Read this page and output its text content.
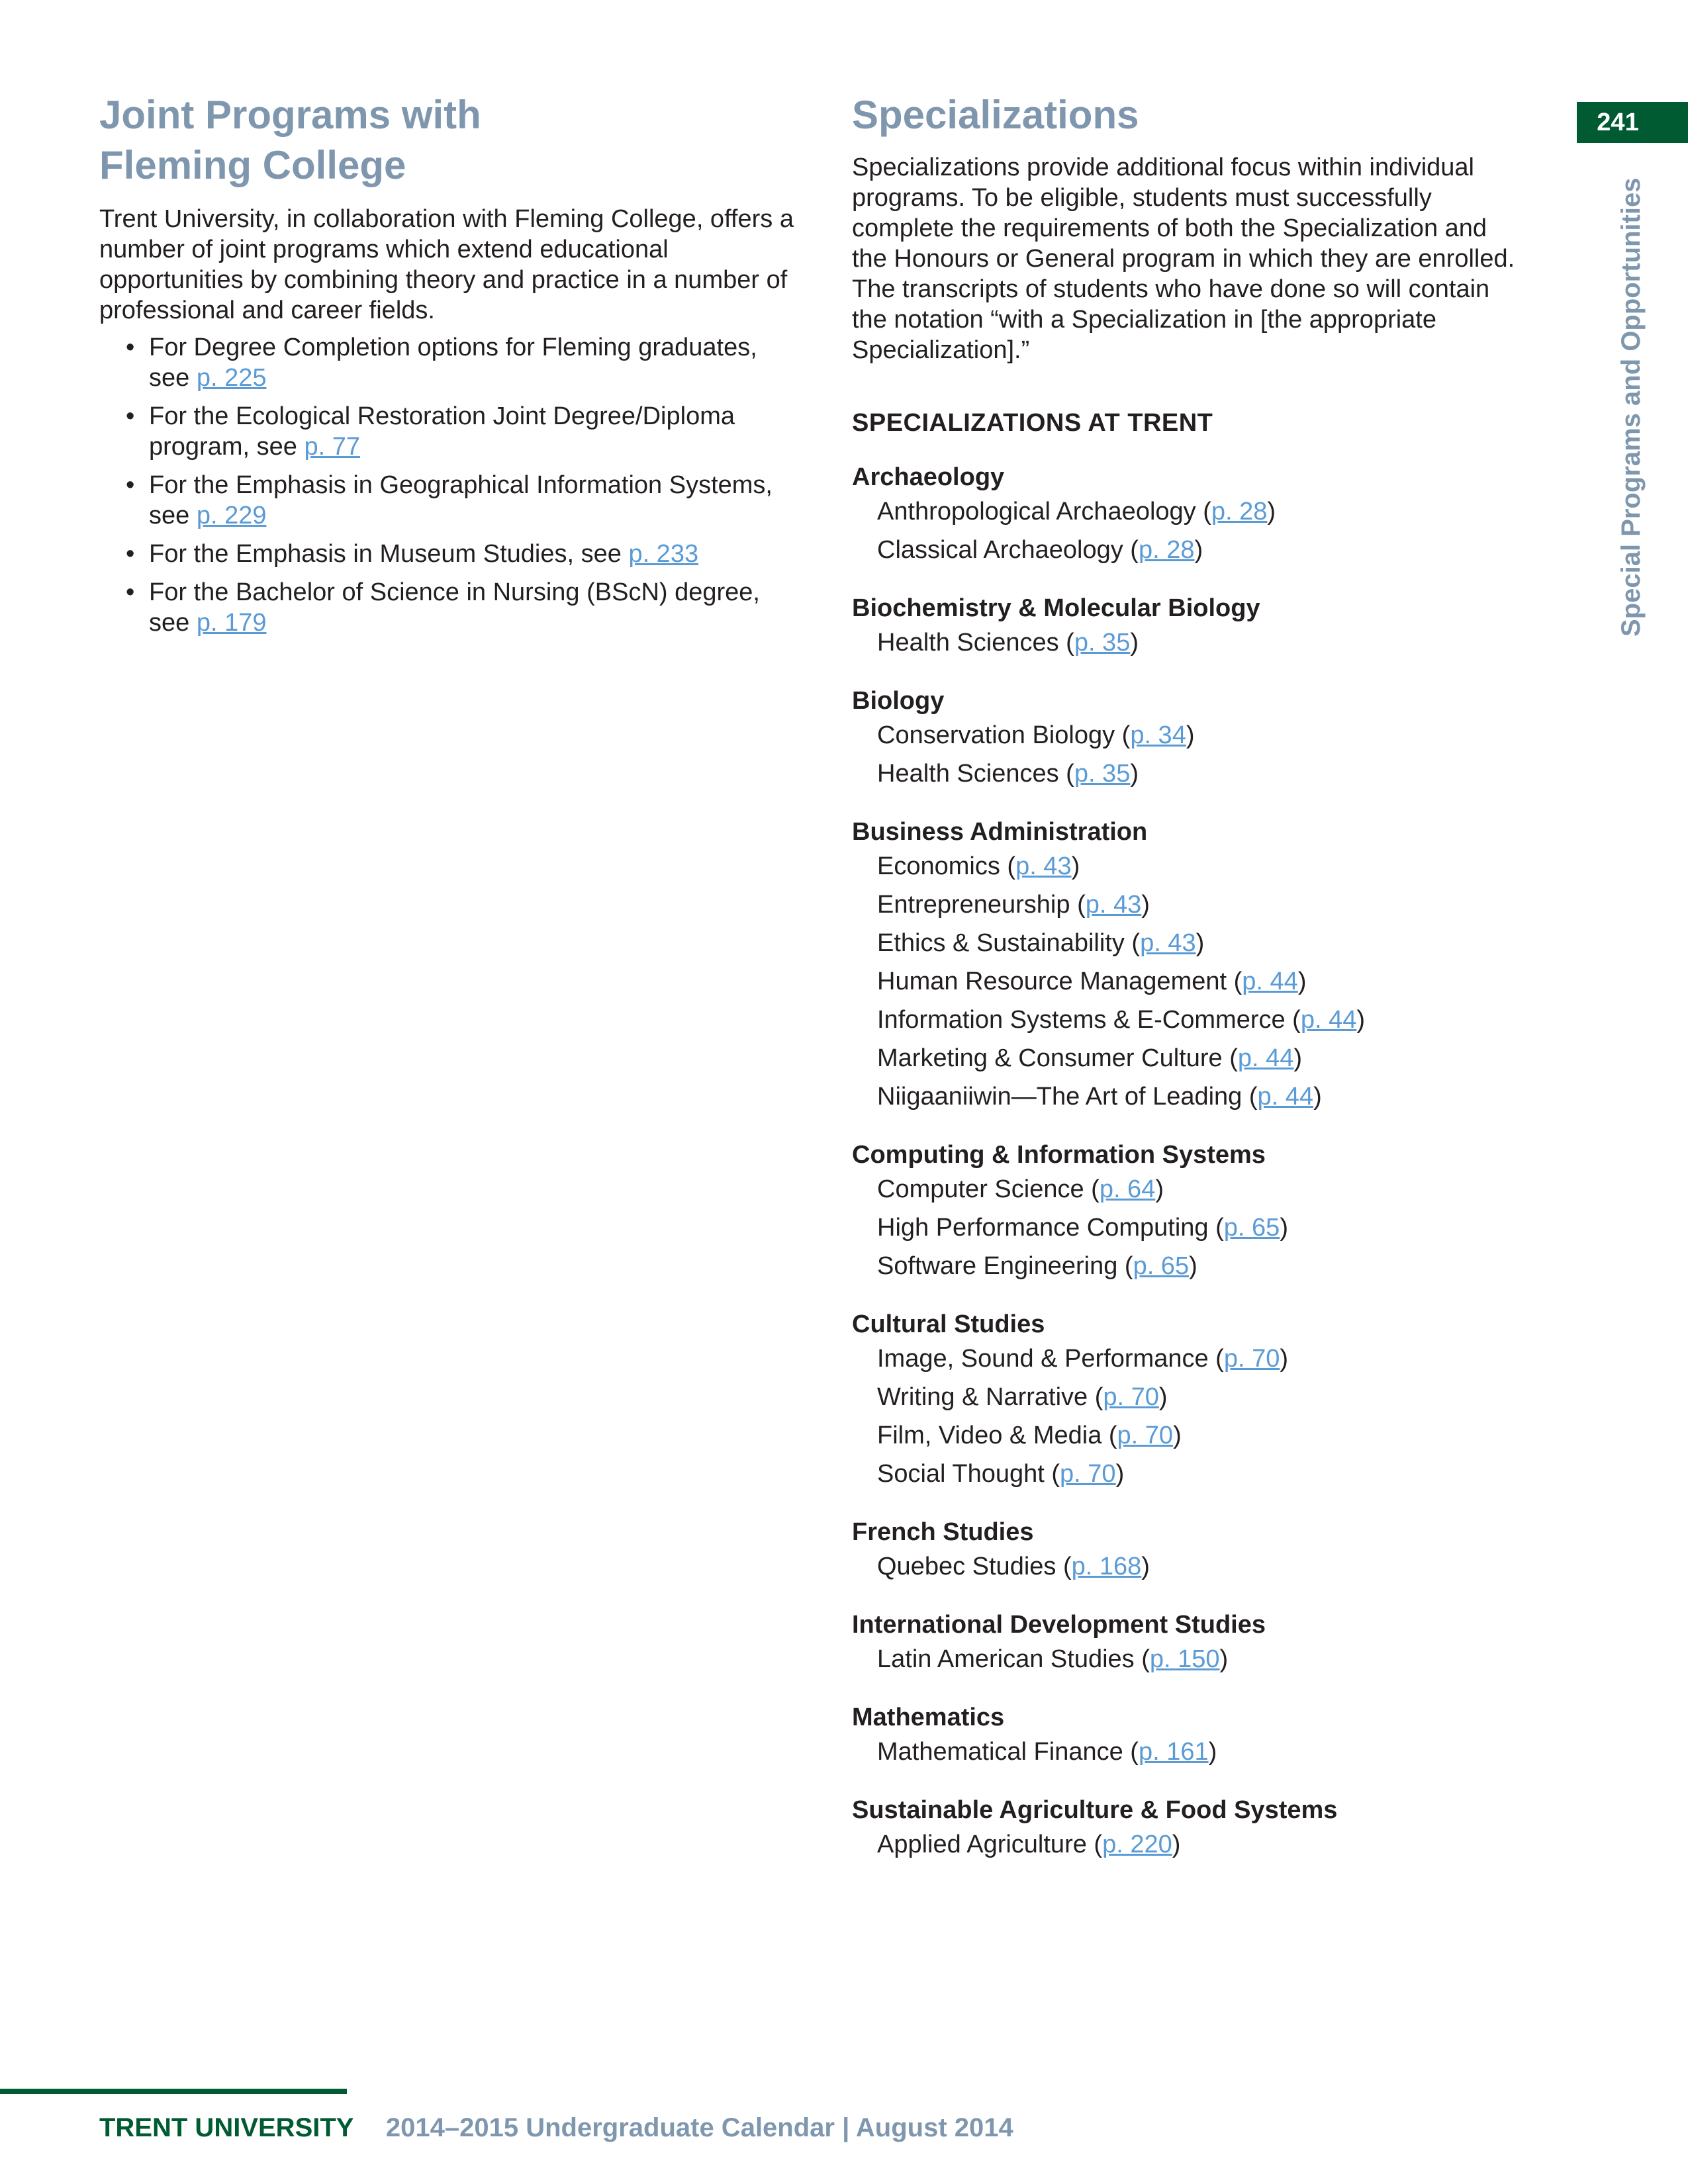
Joint Programs with
Fleming College

Trent University, in collaboration with Fleming College, offers a number of joint programs which extend educational opportunities by combining theory and practice in a number of professional and career fields.

• For Degree Completion options for Fleming graduates, see p. 225
• For the Ecological Restoration Joint Degree/Diploma program, see p. 77
• For the Emphasis in Geographical Information Systems, see p. 229
• For the Emphasis in Museum Studies, see p. 233
• For the Bachelor of Science in Nursing (BScN) degree, see p. 179
Specializations

Specializations provide additional focus within individual programs. To be eligible, students must successfully complete the requirements of both the Specialization and the Honours or General program in which they are enrolled. The transcripts of students who have done so will contain the notation “with a Specialization in [the appropriate Specialization].”

SPECIALIZATIONS AT TRENT
Archaeology
Anthropological Archaeology (p. 28)
Classical Archaeology (p. 28)
Biochemistry & Molecular Biology
Health Sciences (p. 35)
Biology
Conservation Biology (p. 34)
Health Sciences (p. 35)
Business Administration
Economics (p. 43)
Entrepreneurship (p. 43)
Ethics & Sustainability (p. 43)
Human Resource Management (p. 44)
Information Systems & E-Commerce (p. 44)
Marketing & Consumer Culture (p. 44)
Niigaaniiwin—The Art of Leading (p. 44)
Computing & Information Systems
Computer Science (p. 64)
High Performance Computing (p. 65)
Software Engineering (p. 65)
Cultural Studies
Image, Sound & Performance (p. 70)
Writing & Narrative (p. 70)
Film, Video & Media (p. 70)
Social Thought (p. 70)
French Studies
Quebec Studies (p. 168)
International Development Studies
Latin American Studies (p. 150)
Mathematics
Mathematical Finance (p. 161)
Sustainable Agriculture & Food Systems
Applied Agriculture (p. 220)
241
Special Programs and Opportunities
TRENT UNIVERSITY 2014–2015 Undergraduate Calendar | August 2014
